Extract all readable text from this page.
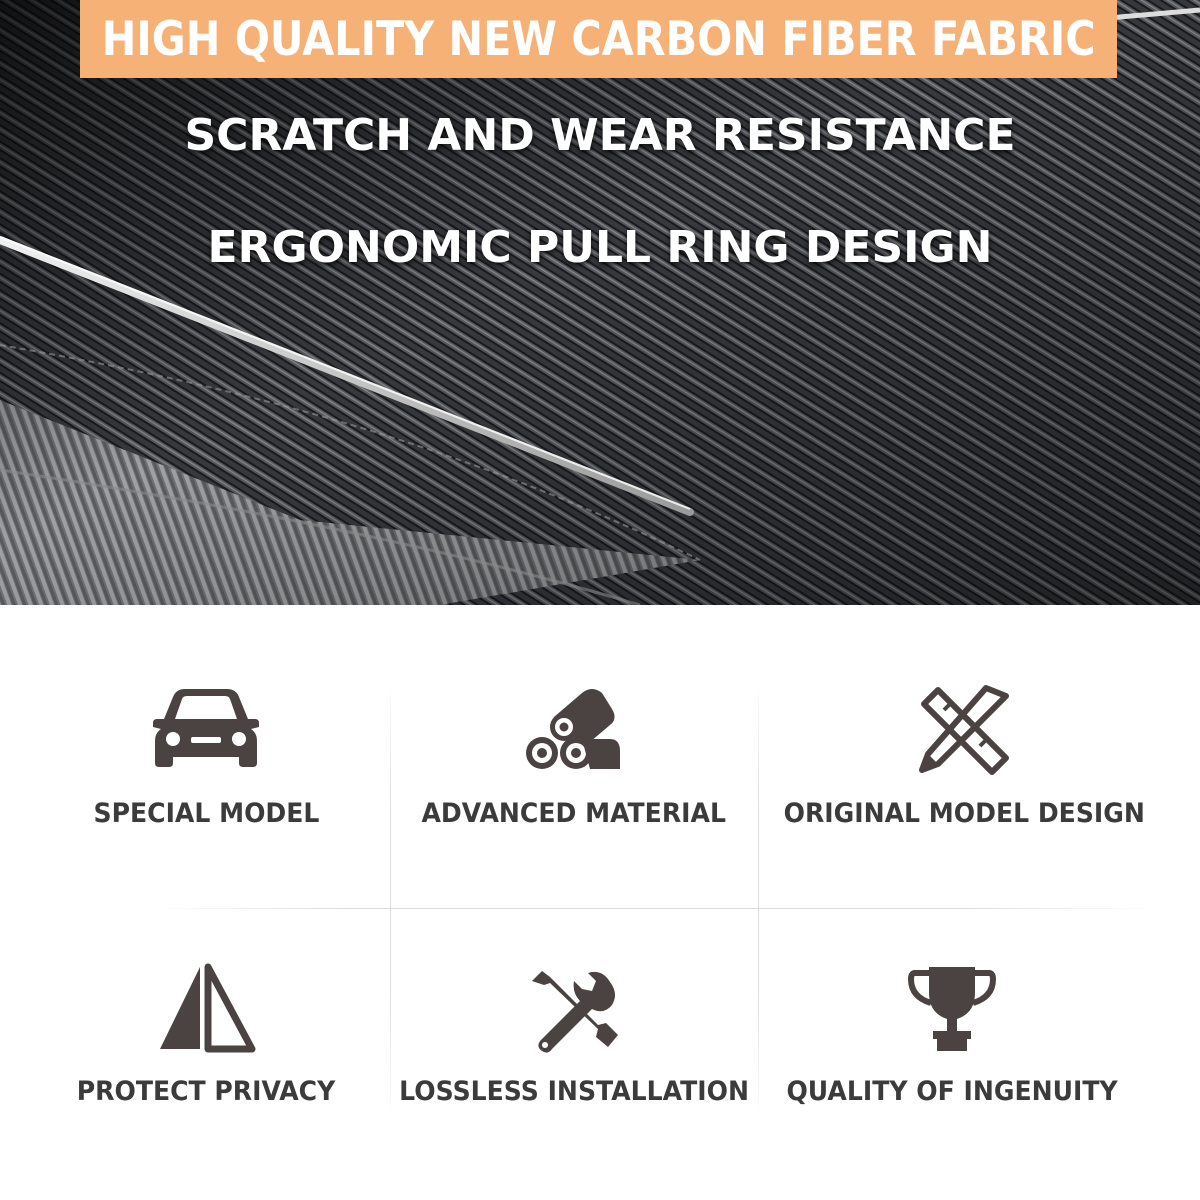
HIGH QUALITY NEW CARBON FIBER FABRIC
SCRATCH AND WEAR RESISTANCE
ERGONOMIC PULL RING DESIGN
SPECIAL MODEL	ADVANCED MATERIAL ORIGINAL MODEL DESIGN
PROTECT PRIVACY LOSSLESS INSTALLATION QUALITY OF INGENUITY
